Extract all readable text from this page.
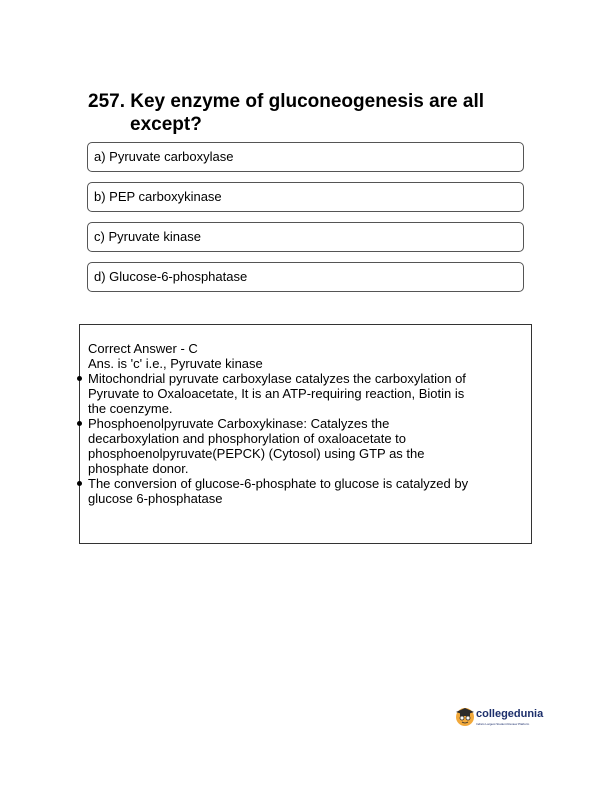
257. Key enzyme of gluconeogenesis are all
except?
a) Pyruvate carboxylase
b) PEP carboxykinase
c) Pyruvate kinase
d) Glucose-6-phosphatase
Correct Answer - C
Ans. is 'c' i.e., Pyruvate kinase
Mitochondrial pyruvate carboxylase catalyzes the carboxylation of
Pyruvate to Oxaloacetate, It is an ATP-requiring reaction, Biotin is
the coenzyme.
Phosphoenolpyruvate Carboxykinase: Catalyzes the
decarboxylation and phosphorylation of oxaloacetate to
phosphoenolpyruvate(PEPCK) (Cytosol) using GTP as the
phosphate donor.
The conversion of glucose-6-phosphate to glucose is catalyzed by
glucose 6-phosphatase
collegedunia
India's Largest Student Review Platform
